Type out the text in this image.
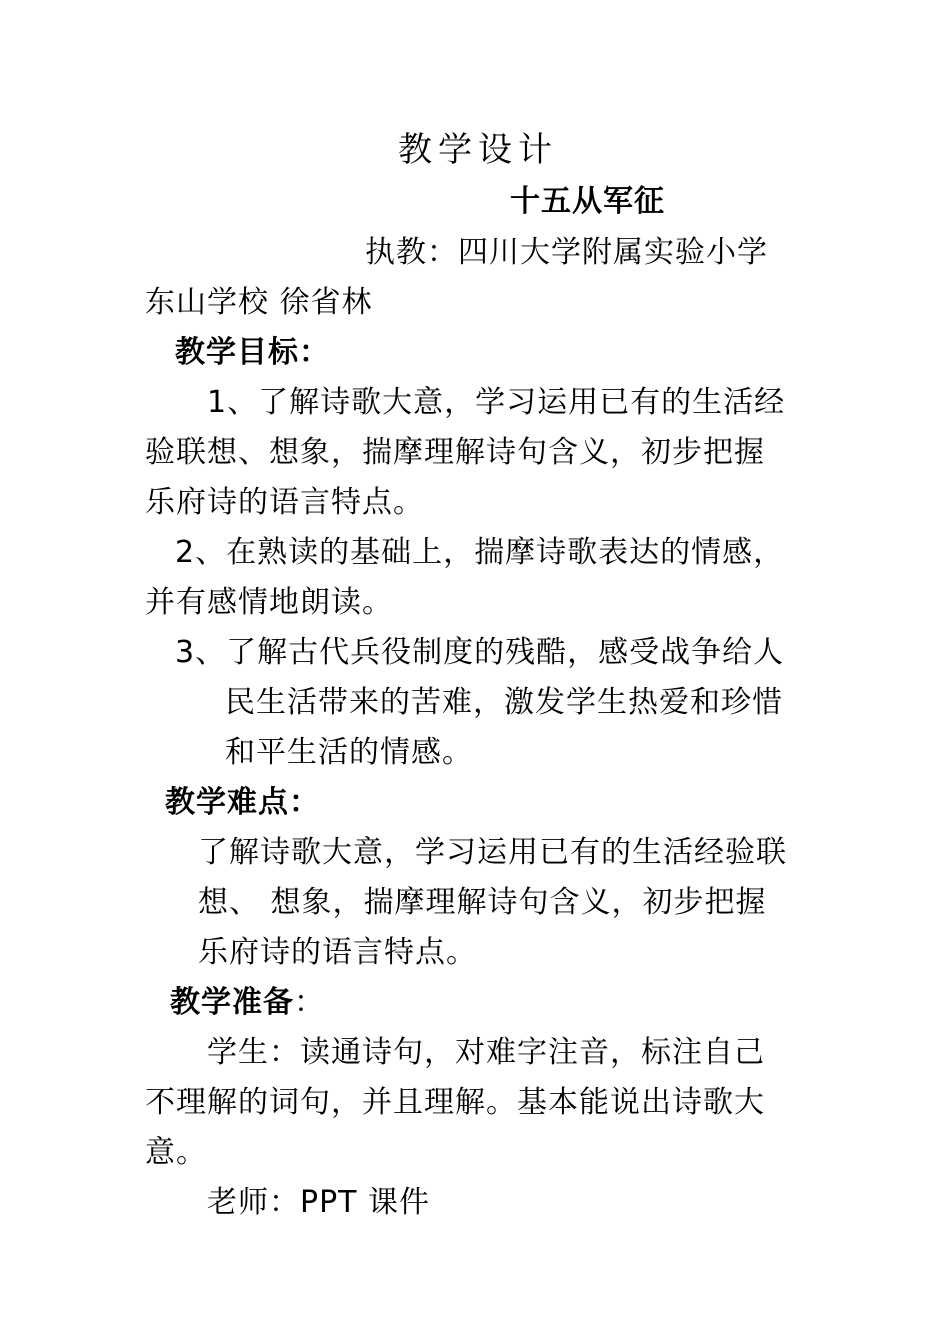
教学设计
十五从军征
执教：四川大学附属实验小学
东山学校 徐省林
教学目标：
1、了解诗歌大意，学习运用已有的生活经
验联想、想象，揣摩理解诗句含义，初步把握
乐府诗的语言特点。
2、在熟读的基础上，揣摩诗歌表达的情感，
并有感情地朗读。
3、了解古代兵役制度的残酷，感受战争给人
民生活带来的苦难，激发学生热爱和珍惜
和平生活的情感。
教学难点：
了解诗歌大意，学习运用已有的生活经验联
想、 想象，揣摩理解诗句含义，初步把握
乐府诗的语言特点。
教学准备：
学生：读通诗句，对难字注音，标注自己
不理解的词句，并且理解。基本能说出诗歌大
意。
老师：PPT 课件
